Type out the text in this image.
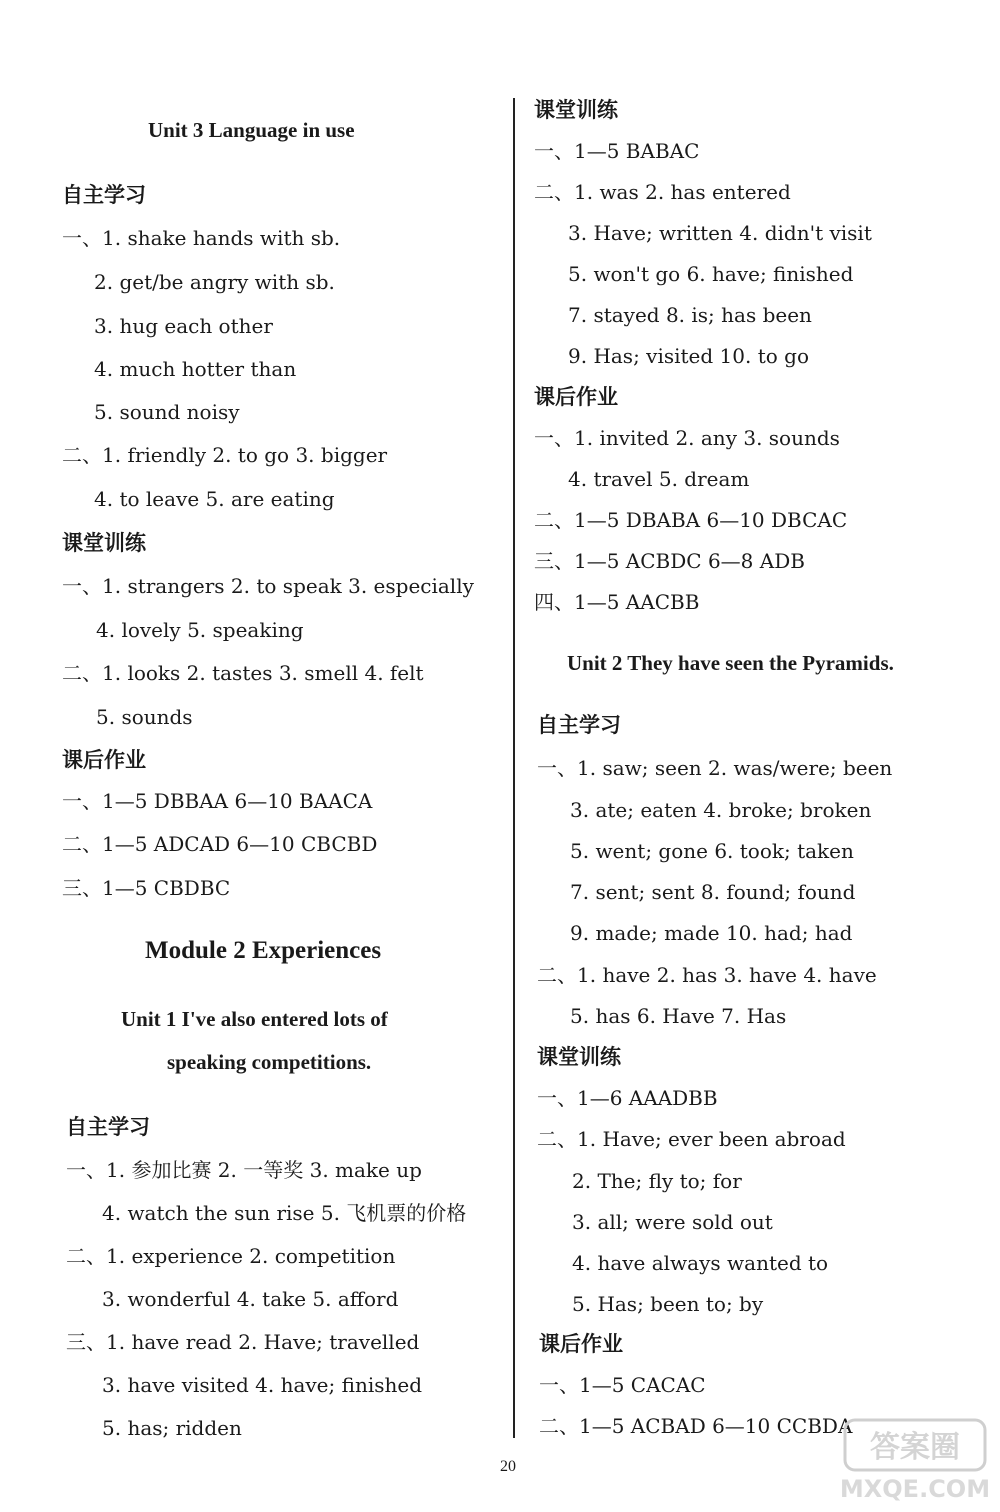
Unit 3 Language in use
自主学习
一、1. shake hands with sb.
2. get/be angry with sb.
3. hug each other
4. much hotter than
5. sound noisy
二、1. friendly 2. to go 3. bigger
4. to leave 5. are eating
课堂训练
一、1. strangers 2. to speak 3. especially
4. lovely 5. speaking
二、1. looks 2. tastes 3. smell 4. felt
5. sounds
课后作业
一、1—5 DBBAA 6—10 BAACA
二、1—5 ADCAD 6—10 CBCBD
三、1—5 CBDBC
Module 2 Experiences
Unit 1 I've also entered lots of
speaking competitions.
自主学习
一、1. 参加比赛 2. 一等奖 3. make up
4. watch the sun rise 5. 飞机票的价格
二、1. experience 2. competition
3. wonderful 4. take 5. afford
三、1. have read 2. Have; travelled
3. have visited 4. have; finished
5. has; ridden
课堂训练
一、1—5 BABAC
二、1. was 2. has entered
3. Have; written 4. didn't visit
5. won't go 6. have; finished
7. stayed 8. is; has been
9. Has; visited 10. to go
课后作业
一、1. invited 2. any 3. sounds
4. travel 5. dream
二、1—5 DBABA 6—10 DBCAC
三、1—5 ACBDC 6—8 ADB
四、1—5 AACBB
Unit 2 They have seen the Pyramids.
自主学习
一、1. saw; seen 2. was/were; been
3. ate; eaten 4. broke; broken
5. went; gone 6. took; taken
7. sent; sent 8. found; found
9. made; made 10. had; had
二、1. have 2. has 3. have 4. have
5. has 6. Have 7. Has
课堂训练
一、1—6 AAADBB
二、1. Have; ever been abroad
2. The; fly to; for
3. all; were sold out
4. have always wanted to
5. Has; been to; by
课后作业
一、1—5 CACAC
二、1—5 ACBAD 6—10 CCBDA
20
答案圈
MXQE.COM
